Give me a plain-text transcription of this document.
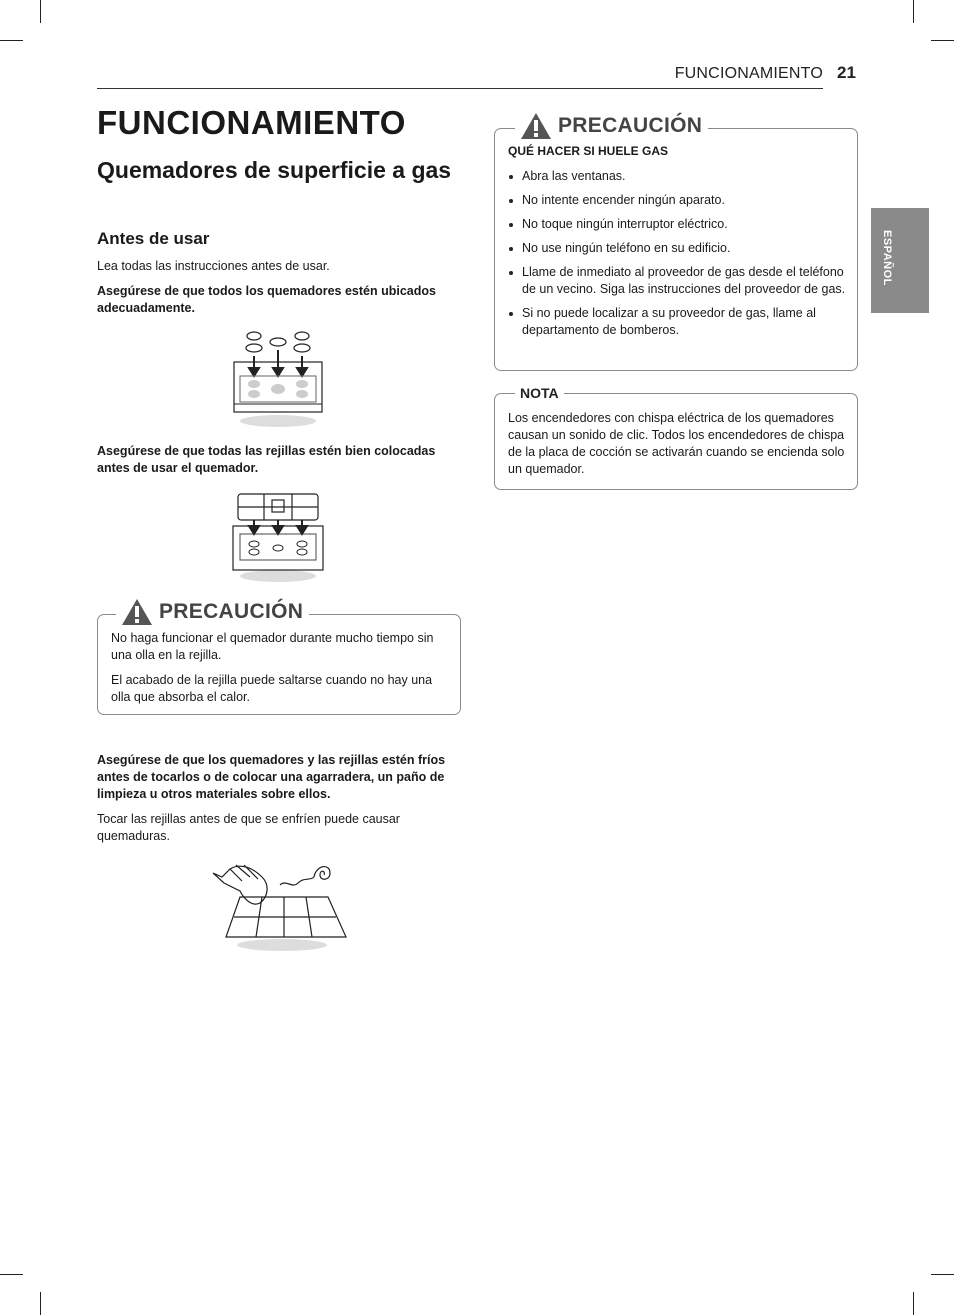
FUNCIONAMIENTO 21
ESPAÑOL
FUNCIONAMIENTO
Quemadores de superficie a gas
Antes de usar

Lea todas las instrucciones antes de usar.

Asegúrese de que todos los quemadores estén ubicados adecuadamente.

Asegúrese de que todas las rejillas estén bien colocadas antes de usar el quemador.

PRECAUCIÓN

No haga funcionar el quemador durante mucho tiempo sin una olla en la rejilla.

El acabado de la rejilla puede saltarse cuando no hay una olla que absorba el calor.

Asegúrese de que los quemadores y las rejillas estén fríos antes de tocarlos o de colocar una agarradera, un paño de limpieza u otros materiales sobre ellos.

Tocar las rejillas antes de que se enfríen puede causar quemaduras.

PRECAUCIÓN

QUÉ HACER SI HUELE GAS

Abra las ventanas.
No intente encender ningún aparato.
No toque ningún interruptor eléctrico.
No use ningún teléfono en su edificio.
Llame de inmediato al proveedor de gas desde el teléfono de un vecino. Siga las instrucciones del proveedor de gas.
Si no puede localizar a su proveedor de gas, llame al departamento de bomberos.
NOTA

Los encendedores con chispa eléctrica de los quemadores causan un sonido de clic. Todos los encendedores de chispa de la placa de cocción se activarán cuando se encienda solo un quemador.
